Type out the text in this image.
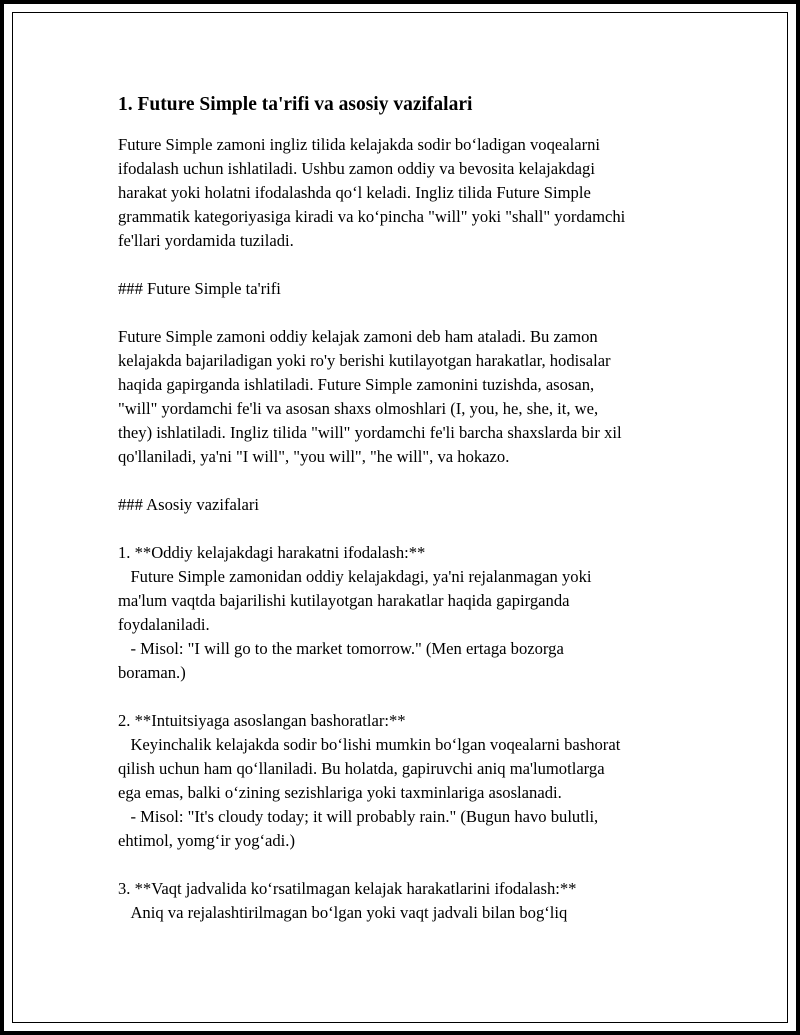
1. Future Simple ta'rifi va asosiy vazifalari

Future Simple zamoni ingliz tilida kelajakda sodir boʻladigan voqealarni
ifodalash uchun ishlatiladi. Ushbu zamon oddiy va bevosita kelajakdagi
harakat yoki holatni ifodalashda qoʻl keladi. Ingliz tilida Future Simple
grammatik kategoriyasiga kiradi va koʻpincha "will" yoki "shall" yordamchi
fe'llari yordamida tuziladi.

### Future Simple ta'rifi

Future Simple zamoni oddiy kelajak zamoni deb ham ataladi. Bu zamon
kelajakda bajariladigan yoki ro'y berishi kutilayotgan harakatlar, hodisalar
haqida gapirganda ishlatiladi. Future Simple zamonini tuzishda, asosan,
"will" yordamchi fe'li va asosan shaxs olmoshlari (I, you, he, she, it, we,
they) ishlatiladi. Ingliz tilida "will" yordamchi fe'li barcha shaxslarda bir xil
qo'llaniladi, ya'ni "I will", "you will", "he will", va hokazo.

### Asosiy vazifalari

1. **Oddiy kelajakdagi harakatni ifodalash:**
Future Simple zamonidan oddiy kelajakdagi, ya'ni rejalanmagan yoki
ma'lum vaqtda bajarilishi kutilayotgan harakatlar haqida gapirganda
foydalaniladi.
- Misol: "I will go to the market tomorrow." (Men ertaga bozorga
boraman.)
2. **Intuitsiyaga asoslangan bashoratlar:**
Keyinchalik kelajakda sodir boʻlishi mumkin boʻlgan voqealarni bashorat
qilish uchun ham qoʻllaniladi. Bu holatda, gapiruvchi aniq ma'lumotlarga
ega emas, balki oʻzining sezishlariga yoki taxminlariga asoslanadi.
- Misol: "It's cloudy today; it will probably rain." (Bugun havo bulutli,
ehtimol, yomgʻir yogʻadi.)
3. **Vaqt jadvalida koʻrsatilmagan kelajak harakatlarini ifodalash:**
Aniq va rejalashtirilmagan boʻlgan yoki vaqt jadvali bilan bogʻliq
